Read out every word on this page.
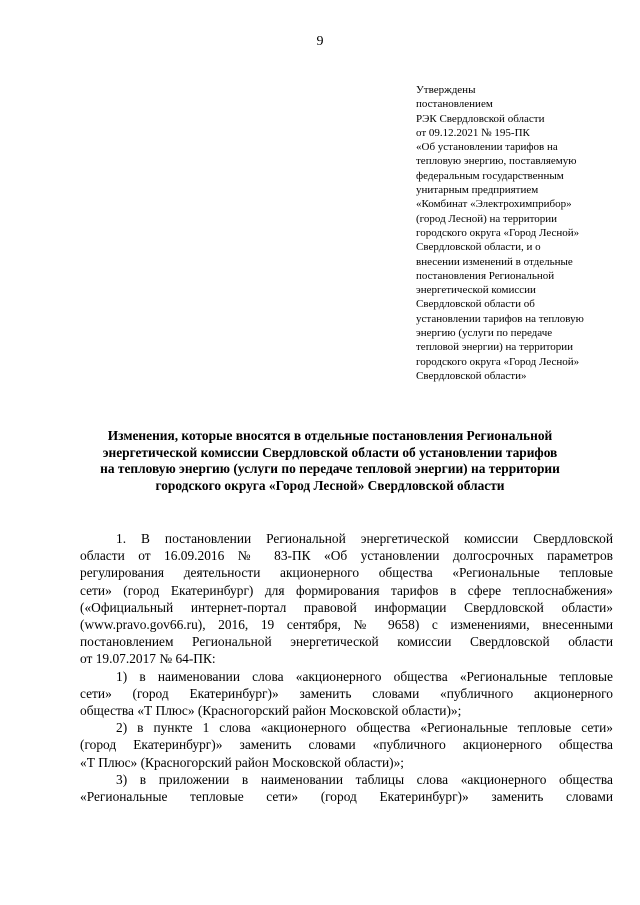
9
Утверждены
постановлением
РЭК Свердловской области
от 09.12.2021 № 195-ПК
«Об установлении тарифов на
тепловую энергию, поставляемую
федеральным государственным
унитарным предприятием
«Комбинат «Электрохимприбор»
(город Лесной) на территории
городского округа «Город Лесной»
Свердловской области, и о
внесении изменений в отдельные
постановления Региональной
энергетической комиссии
Свердловской области об
установлении тарифов на тепловую
энергию (услуги по передаче
тепловой энергии) на территории
городского округа «Город Лесной»
Свердловской области»
Изменения, которые вносятся в отдельные постановления Региональной
энергетической комиссии Свердловской области об установлении тарифов
на тепловую энергию (услуги по передаче тепловой энергии) на территории
городского округа «Город Лесной» Свердловской области
1. В постановлении Региональной энергетической комиссии Свердловской
области от 16.09.2016 № 83-ПК «Об установлении долгосрочных параметров
регулирования деятельности акционерного общества «Региональные тепловые
сети» (город Екатеринбург) для формирования тарифов в сфере теплоснабжения»
(«Официальный интернет-портал правовой информации Свердловской области»
(www.pravo.gov66.ru), 2016, 19 сентября, № 9658) с изменениями, внесенными
постановлением Региональной энергетической комиссии Свердловской области
от 19.07.2017 № 64-ПК:
1) в наименовании слова «акционерного общества «Региональные тепловые
сети» (город Екатеринбург)» заменить словами «публичного акционерного
общества «Т Плюс» (Красногорский район Московской области)»;
2) в пункте 1 слова «акционерного общества «Региональные тепловые сети»
(город Екатеринбург)» заменить словами «публичного акционерного общества
«Т Плюс» (Красногорский район Московской области)»;
3) в приложении в наименовании таблицы слова «акционерного общества
«Региональные тепловые сети» (город Екатеринбург)» заменить словами
